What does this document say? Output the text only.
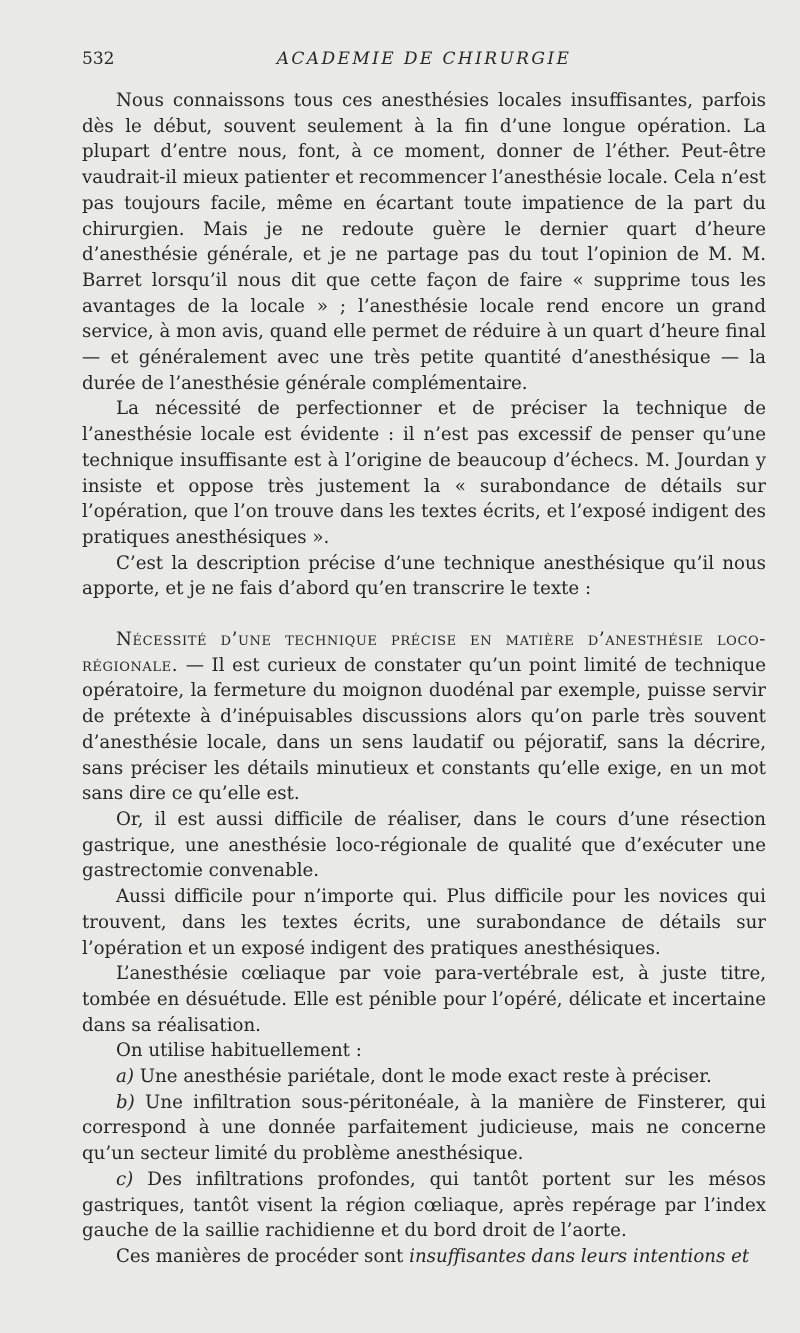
532	ACADEMIE DE CHIRURGIE

Nous connaissons tous ces anesthésies locales insuffisantes, parfois dès le début, souvent seulement à la fin d’une longue opération. La plupart d’entre nous, font, à ce moment, donner de l’éther. Peut-être vaudrait-il mieux patienter et recommencer l’anesthésie locale. Cela n’est pas toujours facile, même en écartant toute impatience de la part du chirurgien. Mais je ne redoute guère le dernier quart d’heure d’anesthésie générale, et je ne partage pas du tout l’opinion de M. M. Barret lorsqu’il nous dit que cette façon de faire « supprime tous les avantages de la locale » ; l’anesthésie locale rend encore un grand service, à mon avis, quand elle permet de réduire à un quart d’heure final — et généralement avec une très petite quantité d’anesthésique — la durée de l’anesthésie générale complémentaire.

La nécessité de perfectionner et de préciser la technique de l’anesthésie locale est évidente : il n’est pas excessif de penser qu’une technique insuffisante est à l’origine de beaucoup d’échecs. M. Jourdan y insiste et oppose très justement la « surabondance de détails sur l’opération, que l’on trouve dans les textes écrits, et l’exposé indigent des pratiques anesthésiques ».

C’est la description précise d’une technique anesthésique qu’il nous apporte, et je ne fais d’abord qu’en transcrire le texte :

Nécessité d’une technique précise en matière d’anesthésie loco-régionale. — Il est curieux de constater qu’un point limité de technique opératoire, la fermeture du moignon duodénal par exemple, puisse servir de prétexte à d’inépuisables discussions alors qu’on parle très souvent d’anesthésie locale, dans un sens laudatif ou péjoratif, sans la décrire, sans préciser les détails minutieux et constants qu’elle exige, en un mot sans dire ce qu’elle est.

Or, il est aussi difficile de réaliser, dans le cours d’une résection gastrique, une anesthésie loco-régionale de qualité que d’exécuter une gastrectomie convenable.

Aussi difficile pour n’importe qui. Plus difficile pour les novices qui trouvent, dans les textes écrits, une surabondance de détails sur l’opération et un exposé indigent des pratiques anesthésiques.

L’anesthésie cœliaque par voie para-vertébrale est, à juste titre, tombée en désuétude. Elle est pénible pour l’opéré, délicate et incertaine dans sa réalisation.

On utilise habituellement :

a) Une anesthésie pariétale, dont le mode exact reste à préciser.

b) Une infiltration sous-péritonéale, à la manière de Finsterer, qui correspond à une donnée parfaitement judicieuse, mais ne concerne qu’un secteur limité du problème anesthésique.

c) Des infiltrations profondes, qui tantôt portent sur les mésos gastriques, tantôt visent la région cœliaque, après repérage par l’index gauche de la saillie rachidienne et du bord droit de l’aorte.

Ces manières de procéder sont insuffisantes dans leurs intentions et
